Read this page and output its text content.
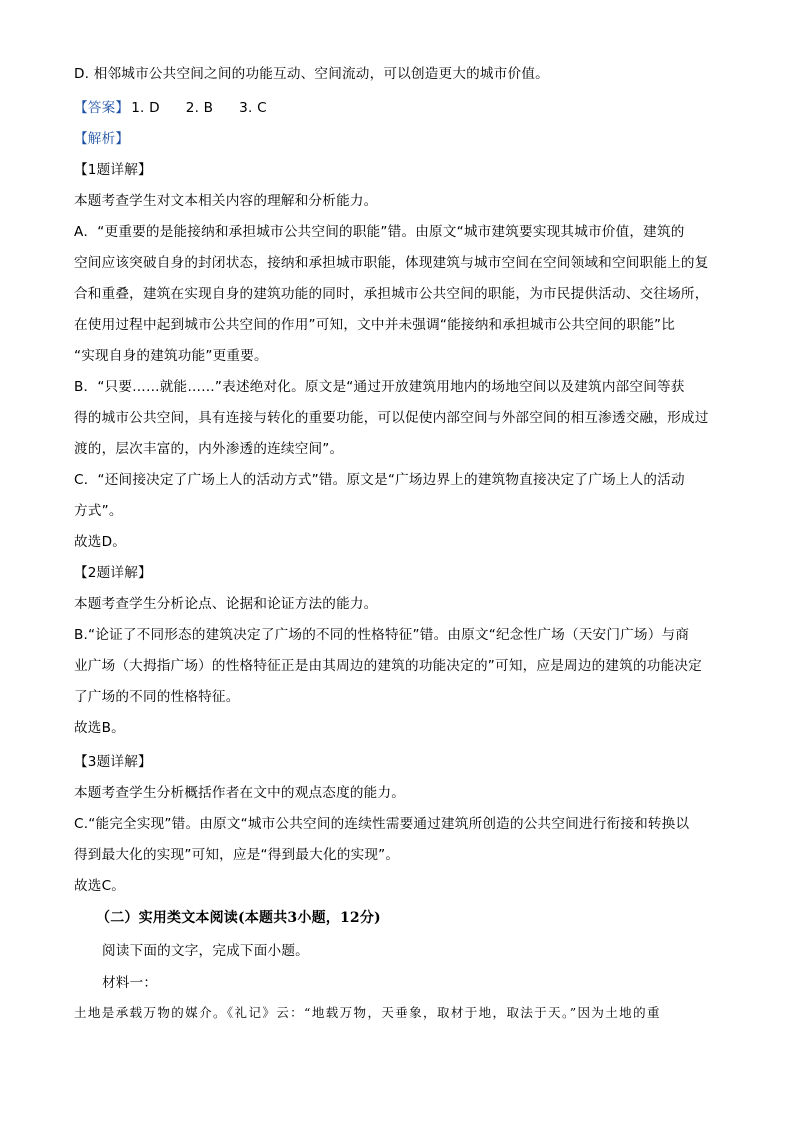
D. 相邻城市公共空间之间的功能互动、空间流动，可以创造更大的城市价值。
【答案】 1. D 2. B 3. C
【解析】
【1题详解】
本题考查学生对文本相关内容的理解和分析能力。
A．“更重要的是能接纳和承担城市公共空间的职能”错。由原文“城市建筑要实现其城市价值，建筑的
空间应该突破自身的封闭状态，接纳和承担城市职能，体现建筑与城市空间在空间领域和空间职能上的复
合和重叠，建筑在实现自身的建筑功能的同时，承担城市公共空间的职能，为市民提供活动、交往场所，
在使用过程中起到城市公共空间的作用”可知，文中并未强调“能接纳和承担城市公共空间的职能”比
“实现自身的建筑功能”更重要。
B．“只要……就能……”表述绝对化。原文是“通过开放建筑用地内的场地空间以及建筑内部空间等获
得的城市公共空间，具有连接与转化的重要功能，可以促使内部空间与外部空间的相互渗透交融，形成过
渡的，层次丰富的，内外渗透的连续空间”。
C．“还间接决定了广场上人的活动方式”错。原文是“广场边界上的建筑物直接决定了广场上人的活动
方式”。
故选D。
【2题详解】
本题考查学生分析论点、论据和论证方法的能力。
B.“论证了不同形态的建筑决定了广场的不同的性格特征”错。由原文“纪念性广场（天安门广场）与商
业广场（大拇指广场）的性格特征正是由其周边的建筑的功能决定的”可知，应是周边的建筑的功能决定
了广场的不同的性格特征。
故选B。
【3题详解】
本题考查学生分析概括作者在文中的观点态度的能力。
C.“能完全实现”错。由原文“城市公共空间的连续性需要通过建筑所创造的公共空间进行衔接和转换以
得到最大化的实现”可知，应是“得到最大化的实现”。
故选C。
（二）实用类文本阅读(本题共3小题，12分)
阅读下面的文字，完成下面小题。
材料一：
土地是承载万物的媒介。《礼记》云：“地载万物，天垂象，取材于地，取法于天。”因为土地的重
